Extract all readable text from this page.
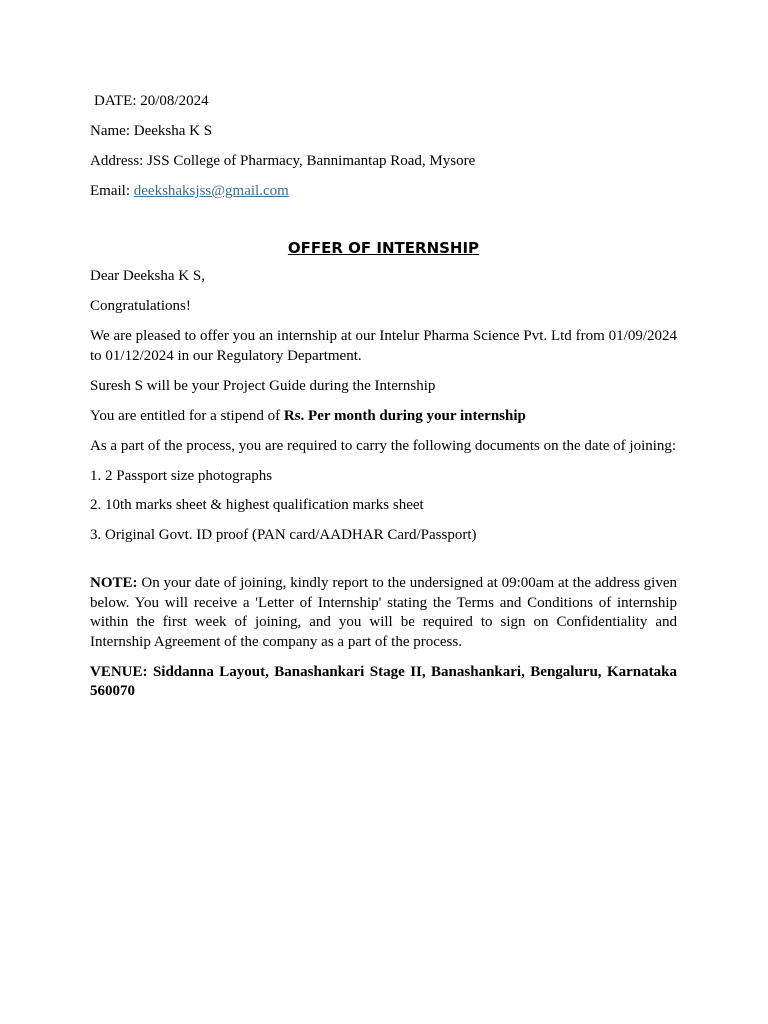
DATE: 20/08/2024

Name: Deeksha K S

Address: JSS College of Pharmacy, Bannimantap Road, Mysore

Email: deekshaksjss@gmail.com

OFFER OF INTERNSHIP

Dear Deeksha K S,

Congratulations!

We are pleased to offer you an internship at our Intelur Pharma Science Pvt. Ltd from 01/09/2024 to 01/12/2024 in our Regulatory Department.

Suresh S will be your Project Guide during the Internship

You are entitled for a stipend of Rs. Per month during your internship

As a part of the process, you are required to carry the following documents on the date of joining:

1. 2 Passport size photographs

2. 10th marks sheet & highest qualification marks sheet

3. Original Govt. ID proof (PAN card/AADHAR Card/Passport)

NOTE: On your date of joining, kindly report to the undersigned at 09:00am at the address given below. You will receive a 'Letter of Internship' stating the Terms and Conditions of internship within the first week of joining, and you will be required to sign on Confidentiality and Internship Agreement of the company as a part of the process.

VENUE: Siddanna Layout, Banashankari Stage II, Banashankari, Bengaluru, Karnataka 560070
